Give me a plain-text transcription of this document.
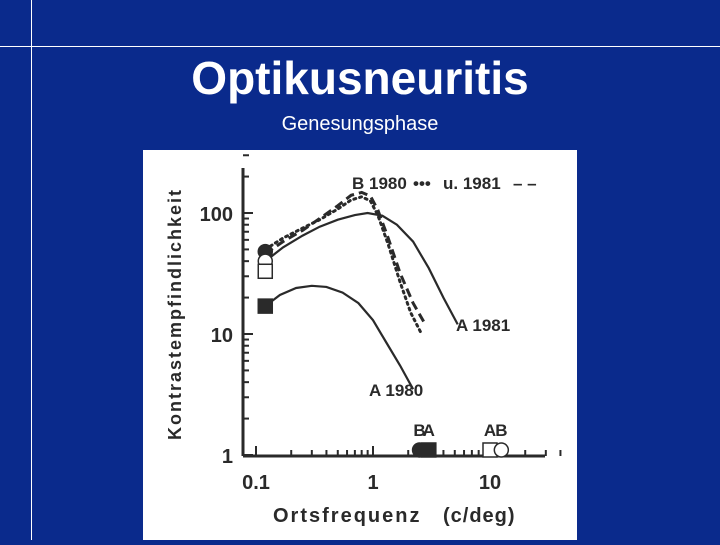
Optikusneuritis
Genesungsphase
1
10
100
0.1	1	10
Kontrastempfindlichkeit
Ortsfrequenz (c/deg)
B
A	A B
A 1980
A 1981
B 1980 ••• u. 1981 – –
